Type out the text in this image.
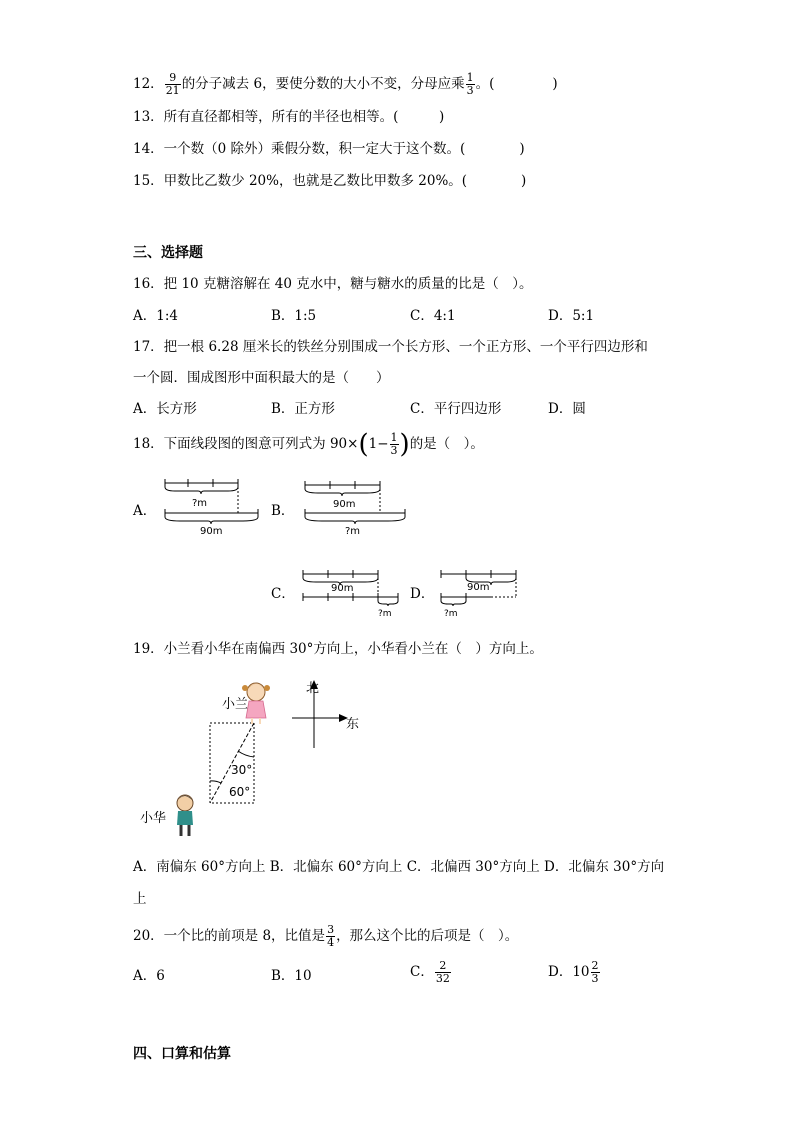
12． $\frac{9}{21}$ 的分子减去 6，要使分数的大小不变，分母应乘 $\frac{1}{3}$ 。(	)
13．所有直径都相等，所有的半径也相等。(　　　)
14．一个数（0 除外）乘假分数，积一定大于这个数。(　　　　)
15．甲数比乙数少 20%，也就是乙数比甲数多 20%。(　　　　)
三、选择题
16．把 10 克糖溶解在 40 克水中，糖与糖水的质量的比是（　）。
A．1:4	B．1:5	C．4:1	D．5:1
17．把一根 6.28 厘米长的铁丝分别围成一个长方形、一个正方形、一个平行四边形和
一个圆．围成图形中面积最大的是（　　）
A．长方形	B．正方形	C．平行四边形	D．圆
18．下面线段图的图意可列式为 $90\times(1- \frac{1}{3}$ )的是（　）。
A．	B．
C．	D．
?m
90m
90m
?m
90m
?m
90m
?m
19．小兰看小华在南偏西 30°方向上，小华看小兰在（　）方向上。
北
东
30°
60°
小兰
小华
A．南偏东 60°方向上 B．北偏东 60°方向上 C．北偏西 30°方向上 D．北偏东 30°方向
上
20．一个比的前项是 8，比值是 $\frac{3}{4}$ ，那么这个比的后项是（　）。
A．6	B．10	C． $\frac{2}{32}$	D．$10 \frac{2}{3}$
四、口算和估算
